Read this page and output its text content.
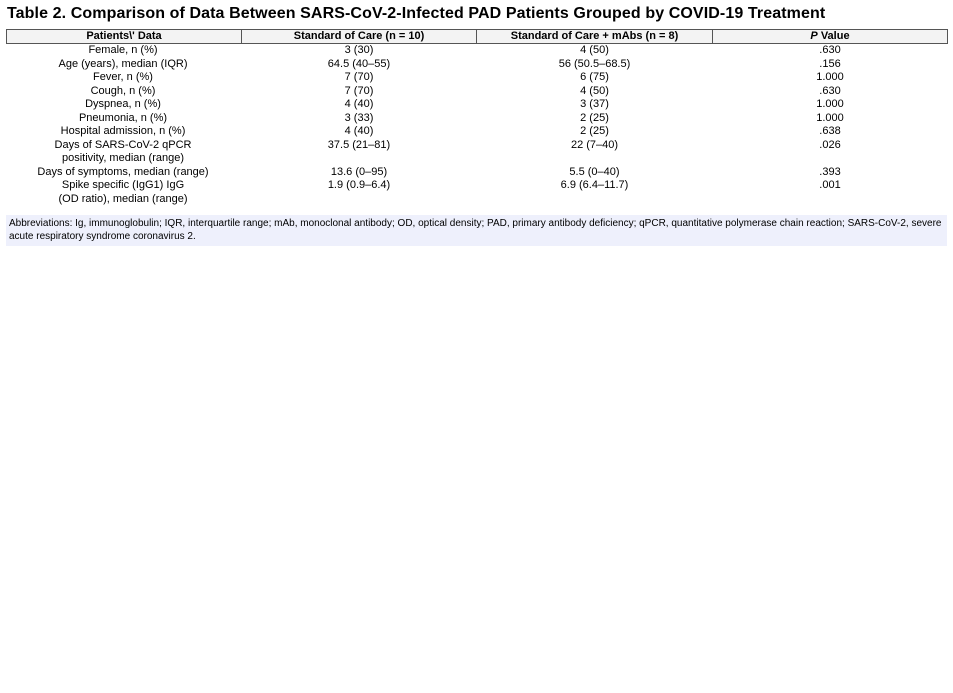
Table 2. Comparison of Data Between SARS-CoV-2-Infected PAD Patients Grouped by COVID-19 Treatment
Patients\' Data	Standard of Care (n = 10)	Standard of Care + mAbs (n = 8)	P Value
Female, n (%)	3 (30)	4 (50)	.630
Age (years), median (IQR)	64.5 (40–55)	56 (50.5–68.5)	.156
Fever, n (%)	7 (70)	6 (75)	1.000
Cough, n (%)	7 (70)	4 (50)	.630
Dyspnea, n (%)	4 (40)	3 (37)	1.000
Pneumonia, n (%)	3 (33)	2 (25)	1.000
Hospital admission, n (%)	4 (40)	2 (25)	.638
Days of SARS-CoV-2 qPCR
positivity, median (range)	37.5 (21–81)	22 (7–40)	.026
Days of symptoms, median (range)	13.6 (0–95)	5.5 (0–40)	.393
Spike specific (IgG1) IgG
(OD ratio), median (range)	1.9 (0.9–6.4)	6.9 (6.4–11.7)	.001
Abbreviations: Ig, immunoglobulin; IQR, interquartile range; mAb, monoclonal antibody; OD, optical density; PAD, primary antibody deficiency; qPCR, quantitative polymerase chain reaction; SARS-CoV-2, severe acute respiratory syndrome coronavirus 2.
